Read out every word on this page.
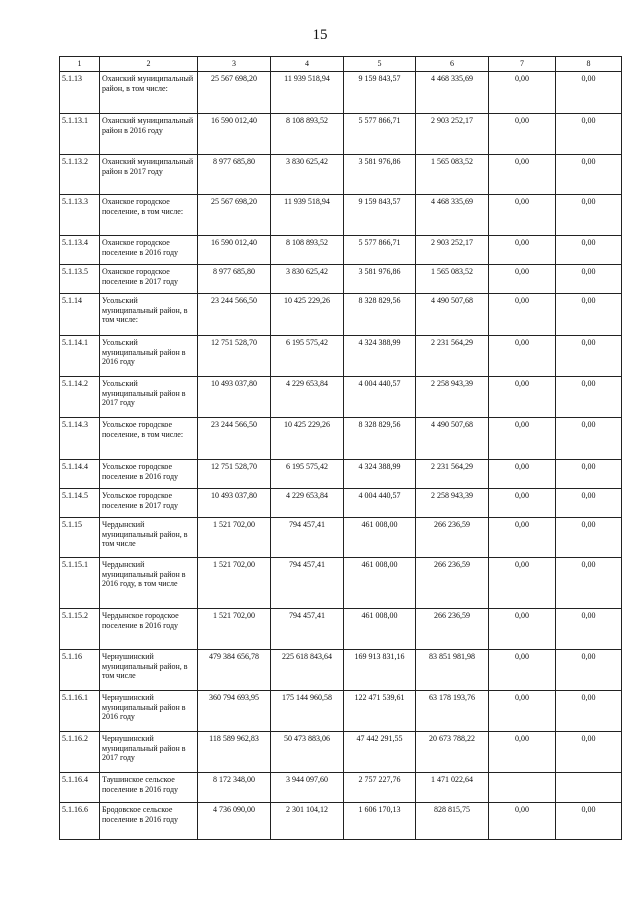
15
1	2	3	4	5	6	7	8
5.1.13	Оханский муниципальный район, в том числе:	25 567 698,20	11 939 518,94	9 159 843,57	4 468 335,69	0,00	0,00
5.1.13.1	Оханский муниципальный район в 2016 году	16 590 012,40	8 108 893,52	5 577 866,71	2 903 252,17	0,00	0,00
5.1.13.2	Оханский муниципальный район в 2017 году	8 977 685,80	3 830 625,42	3 581 976,86	1 565 083,52	0,00	0,00
5.1.13.3	Оханское городское поселение, в том числе:	25 567 698,20	11 939 518,94	9 159 843,57	4 468 335,69	0,00	0,00
5.1.13.4	Оханское городское поселение в 2016 году	16 590 012,40	8 108 893,52	5 577 866,71	2 903 252,17	0,00	0,00
5.1.13.5	Оханское городское поселение в 2017 году	8 977 685,80	3 830 625,42	3 581 976,86	1 565 083,52	0,00	0,00
5.1.14	Усольский муниципальный район, в том числе:	23 244 566,50	10 425 229,26	8 328 829,56	4 490 507,68	0,00	0,00
5.1.14.1	Усольский муниципальный район в 2016 году	12 751 528,70	6 195 575,42	4 324 388,99	2 231 564,29	0,00	0,00
5.1.14.2	Усольский муниципальный район в 2017 году	10 493 037,80	4 229 653,84	4 004 440,57	2 258 943,39	0,00	0,00
5.1.14.3	Усольское городское поселение, в том числе:	23 244 566,50	10 425 229,26	8 328 829,56	4 490 507,68	0,00	0,00
5.1.14.4	Усольское городское поселение в 2016 году	12 751 528,70	6 195 575,42	4 324 388,99	2 231 564,29	0,00	0,00
5.1.14.5	Усольское городское поселение в 2017 году	10 493 037,80	4 229 653,84	4 004 440,57	2 258 943,39	0,00	0,00
5.1.15	Чердынский муниципальный район, в том числе	1 521 702,00	794 457,41	461 008,00	266 236,59	0,00	0,00
5.1.15.1	Чердынский муниципальный район в 2016 году, в том числе	1 521 702,00	794 457,41	461 008,00	266 236,59	0,00	0,00
5.1.15.2	Чердынское городское поселение в 2016 году	1 521 702,00	794 457,41	461 008,00	266 236,59	0,00	0,00
5.1.16	Чернушинский муниципальный район, в том числе	479 384 656,78	225 618 843,64	169 913 831,16	83 851 981,98	0,00	0,00
5.1.16.1	Чернушинский муниципальный район в 2016 году	360 794 693,95	175 144 960,58	122 471 539,61	63 178 193,76	0,00	0,00
5.1.16.2	Чернушинский муниципальный район в 2017 году	118 589 962,83	50 473 883,06	47 442 291,55	20 673 788,22	0,00	0,00
5.1.16.4	Таушинское сельское поселение в 2016 году	8 172 348,00	3 944 097,60	2 757 227,76	1 471 022,64		
5.1.16.6	Бродовское сельское поселение в 2016 году	4 736 090,00	2 301 104,12	1 606 170,13	828 815,75	0,00	0,00
